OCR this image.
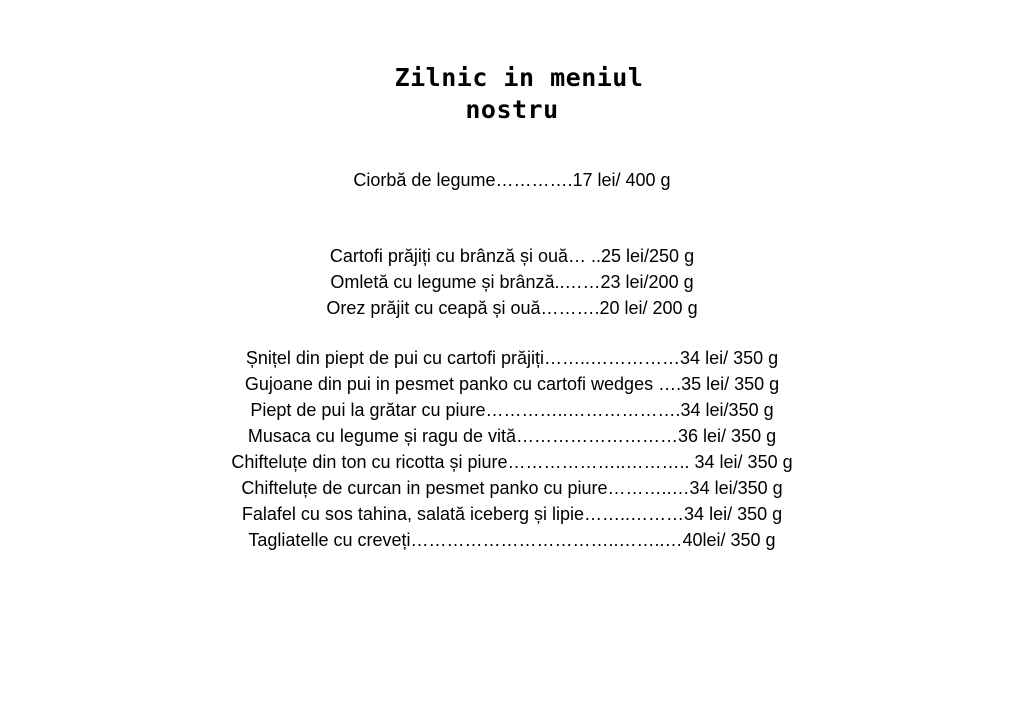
Zilnic in meniul
nostru
Ciorbă de legume………….17 lei/ 400 g
Cartofi prăjiți cu brânză și ouă… ..25 lei/250 g
Omletă cu legume și brânză..……23 lei/200 g
Orez prăjit cu ceapă și ouă……….20 lei/ 200 g
Șnițel din piept de pui cu cartofi prăjiți……..……………34 lei/ 350 g
Gujoane din pui in pesmet panko cu cartofi wedges ….35 lei/ 350 g
Piept de pui la grătar cu piure…………..……………….34 lei/350 g
Musaca cu legume și ragu de vită………………………36 lei/ 350 g
Chifteluțe din ton cu ricotta și piure………………..……….. 34 lei/ 350 g
Chifteluțe de curcan in pesmet panko cu piure………..…34 lei/350 g
Falafel cu sos tahina, salată iceberg și lipie……..………34 lei/ 350 g
Tagliatelle cu creveți……………………………..……..…40lei/ 350 g
